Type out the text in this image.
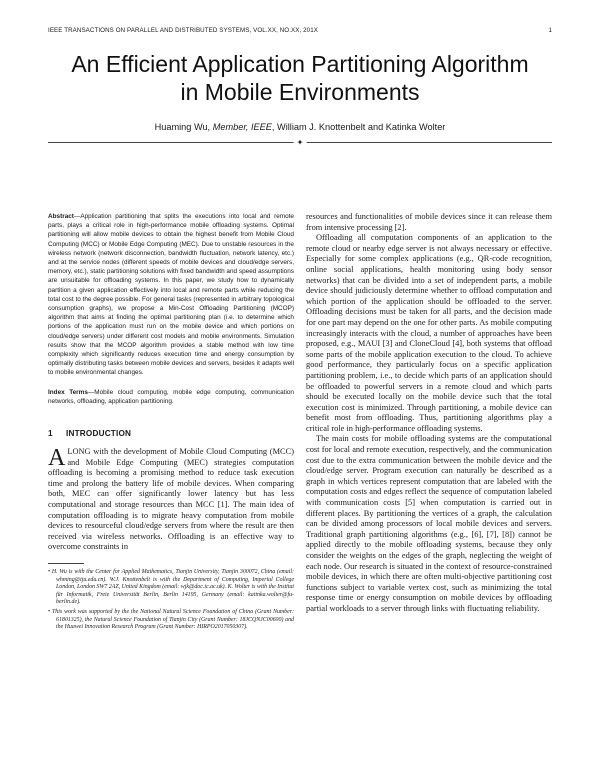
IEEE TRANSACTIONS ON PARALLEL AND DISTRIBUTED SYSTEMS, VOL.XX, NO.XX, 201X	1
An Efficient Application Partitioning Algorithm
in Mobile Environments
Huaming Wu, Member, IEEE, William J. Knottenbelt and Katinka Wolter
✦

Abstract—Application partitioning that splits the executions into local and remote parts, plays a critical role in high-performance mobile offloading systems. Optimal partitioning will allow mobile devices to obtain the highest benefit from Mobile Cloud Computing (MCC) or Mobile Edge Computing (MEC). Due to unstable resources in the wireless network (network disconnection, bandwidth fluctuation, network latency, etc.) and at the service nodes (different speeds of mobile devices and cloud/edge servers, memory, etc.), static partitioning solutions with fixed bandwidth and speed assumptions are unsuitable for offloading systems. In this paper, we study how to dynamically partition a given application effectively into local and remote parts while reducing the total cost to the degree possible. For general tasks (represented in arbitrary topological consumption graphs), we propose a Min-Cost Offloading Partitioning (MCOP) algorithm that aims at finding the optimal partitioning plan (i.e. to determine which portions of the application must run on the mobile device and which portions on cloud/edge servers) under different cost models and mobile environments. Simulation results show that the MCOP algorithm provides a stable method with low time complexity which significantly reduces execution time and energy consumption by optimally distributing tasks between mobile devices and servers, besides it adapts well to mobile environmental changes.

Index Terms—Mobile cloud computing, mobile edge computing, communication networks, offloading, application partitioning.

1 INTRODUCTION

ALONG with the development of Mobile Cloud Computing (MCC) and Mobile Edge Computing (MEC) strategies computation offloading is becoming a promising method to reduce task execution time and prolong the battery life of mobile devices. When comparing both, MEC can offer significantly lower latency but has less computational and storage resources than MCC [1]. The main idea of computation offloading is to migrate heavy computation from mobile devices to resourceful cloud/edge servers from where the result are then received via wireless networks. Offloading is an effective way to overcome constraints in

• H. Wu is with the Center for Applied Mathematics, Tianjin University, Tianjin 300072, China (email: whming@tju.edu.cn). W.J. Knottenbelt is with the Department of Computing, Imperial College London, London SW7 2AZ, United Kingdom (email: wjk@doc.ic.ac.uk). K. Wolter is with the Institut für Informatik, Freie Universität Berlin, Berlin 14195, Germany (email: katinka.wolter@fu-berlin.de).

• This work was supported by the the National Natural Science Foundation of China (Grant Number: 61801325), the Natural Science Foundation of Tianjin City (Grant Number: 18JCQNJC00600) and the Huawei Innovation Research Program (Grant Number: HIRPO2017050307).

resources and functionalities of mobile devices since it can release them from intensive processing [2].

Offloading all computation components of an application to the remote cloud or nearby edge server is not always necessary or effective. Especially for some complex applications (e.g., QR-code recognition, online social applications, health monitoring using body sensor networks) that can be divided into a set of independent parts, a mobile device should judiciously determine whether to offload computation and which portion of the application should be offloaded to the server. Offloading decisions must be taken for all parts, and the decision made for one part may depend on the one for other parts. As mobile computing increasingly interacts with the cloud, a number of approaches have been proposed, e.g., MAUI [3] and CloneCloud [4], both systems that offload some parts of the mobile application execution to the cloud. To achieve good performance, they particularly focus on a specific application partitioning problem, i.e., to decide which parts of an application should be offloaded to powerful servers in a remote cloud and which parts should be executed locally on the mobile device such that the total execution cost is minimized. Through partitioning, a mobile device can benefit most from offloading. Thus, partitioning algorithms play a critical role in high-performance offloading systems.

The main costs for mobile offloading systems are the computational cost for local and remote execution, respectively, and the communication cost due to the extra communication between the mobile device and the cloud/edge server. Program execution can naturally be described as a graph in which vertices represent computation that are labeled with the computation costs and edges reflect the sequence of computation labeled with communication costs [5] when computation is carried out in different places. By partitioning the vertices of a graph, the calculation can be divided among processors of local mobile devices and servers. Traditional graph partitioning algorithms (e.g., [6], [7], [8]) cannot be applied directly to the mobile offloading systems, because they only consider the weights on the edges of the graph, neglecting the weight of each node. Our research is situated in the context of resource-constrained mobile devices, in which there are often multi-objective partitioning cost functions subject to variable vertex cost, such as minimizing the total response time or energy consumption on mobile devices by offloading partial workloads to a server through links with fluctuating reliability.
